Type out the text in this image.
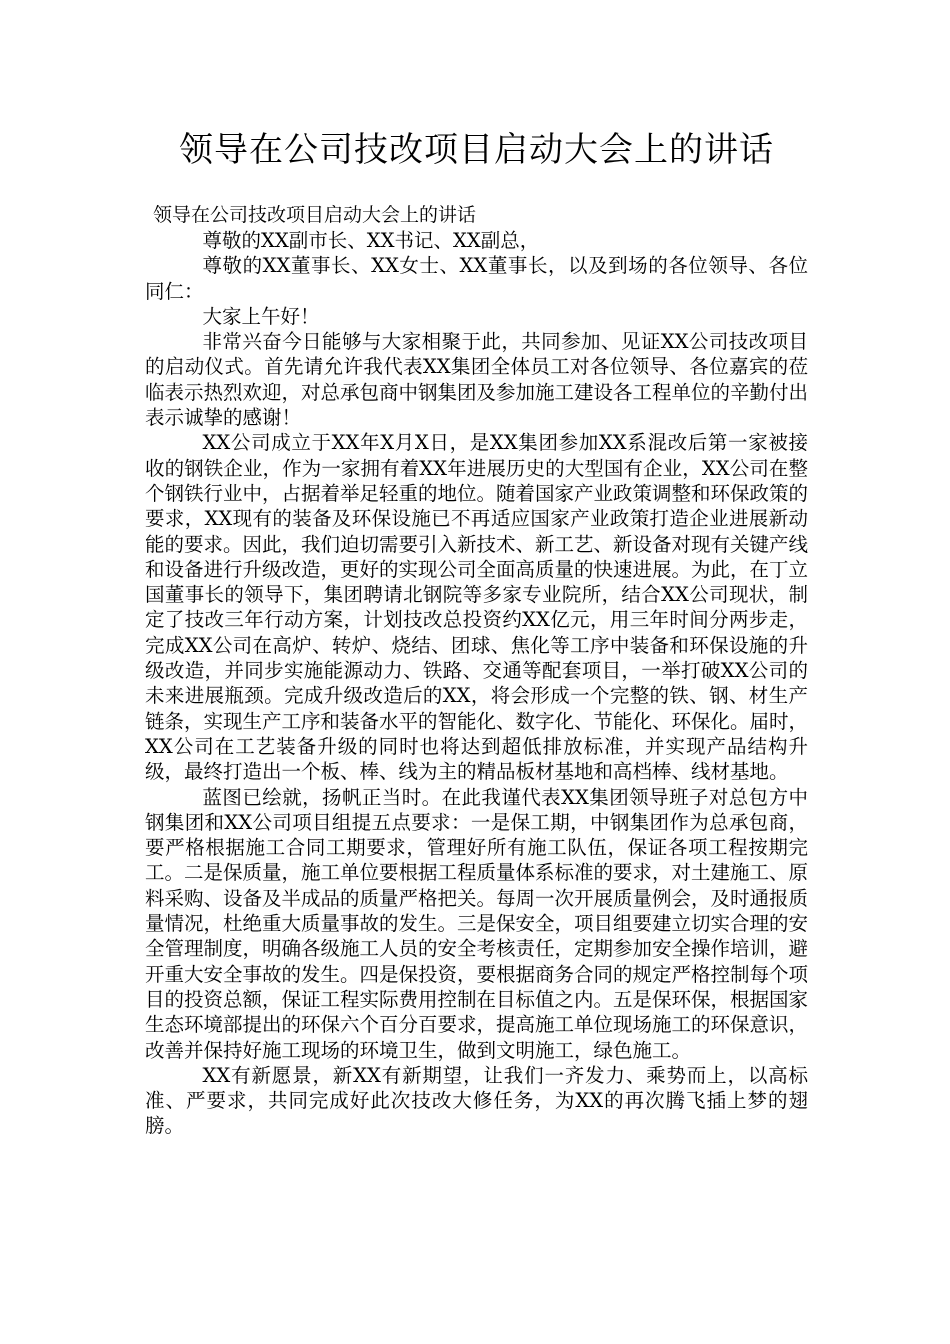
领导在公司技改项目启动大会上的讲话

领导在公司技改项目启动大会上的讲话

尊敬的XX副市长、XX书记、XX副总，

尊敬的XX董事长、XX女士、XX董事长，以及到场的各位领导、各位同仁：

大家上午好！

非常兴奋今日能够与大家相聚于此，共同参加、见证XX公司技改项目的启动仪式。首先请允许我代表XX集团全体员工对各位领导、各位嘉宾的莅临表示热烈欢迎，对总承包商中钢集团及参加施工建设各工程单位的辛勤付出表示诚挚的感谢！

XX公司成立于XX年X月X日，是XX集团参加XX系混改后第一家被接收的钢铁企业，作为一家拥有着XX年进展历史的大型国有企业，XX公司在整个钢铁行业中，占据着举足轻重的地位。随着国家产业政策调整和环保政策的要求，XX现有的装备及环保设施已不再适应国家产业政策打造企业进展新动能的要求。因此，我们迫切需要引入新技术、新工艺、新设备对现有关键产线和设备进行升级改造，更好的实现公司全面高质量的快速进展。为此，在丁立国董事长的领导下，集团聘请北钢院等多家专业院所，结合XX公司现状，制定了技改三年行动方案，计划技改总投资约XX亿元，用三年时间分两步走，完成XX公司在高炉、转炉、烧结、团球、焦化等工序中装备和环保设施的升级改造，并同步实施能源动力、铁路、交通等配套项目，一举打破XX公司的未来进展瓶颈。完成升级改造后的XX，将会形成一个完整的铁、钢、材生产链条，实现生产工序和装备水平的智能化、数字化、节能化、环保化。届时，XX公司在工艺装备升级的同时也将达到超低排放标准，并实现产品结构升级，最终打造出一个板、棒、线为主的精品板材基地和高档棒、线材基地。

蓝图已绘就，扬帆正当时。在此我谨代表XX集团领导班子对总包方中钢集团和XX公司项目组提五点要求：一是保工期，中钢集团作为总承包商，要严格根据施工合同工期要求，管理好所有施工队伍，保证各项工程按期完工。二是保质量，施工单位要根据工程质量体系标准的要求，对土建施工、原料采购、设备及半成品的质量严格把关。每周一次开展质量例会，及时通报质量情况，杜绝重大质量事故的发生。三是保安全，项目组要建立切实合理的安全管理制度，明确各级施工人员的安全考核责任，定期参加安全操作培训，避开重大安全事故的发生。四是保投资，要根据商务合同的规定严格控制每个项目的投资总额，保证工程实际费用控制在目标值之内。五是保环保，根据国家生态环境部提出的环保六个百分百要求，提高施工单位现场施工的环保意识，改善并保持好施工现场的环境卫生，做到文明施工，绿色施工。

XX有新愿景，新XX有新期望，让我们一齐发力、乘势而上，以高标准、严要求，共同完成好此次技改大修任务，为XX的再次腾飞插上梦的翅膀。
